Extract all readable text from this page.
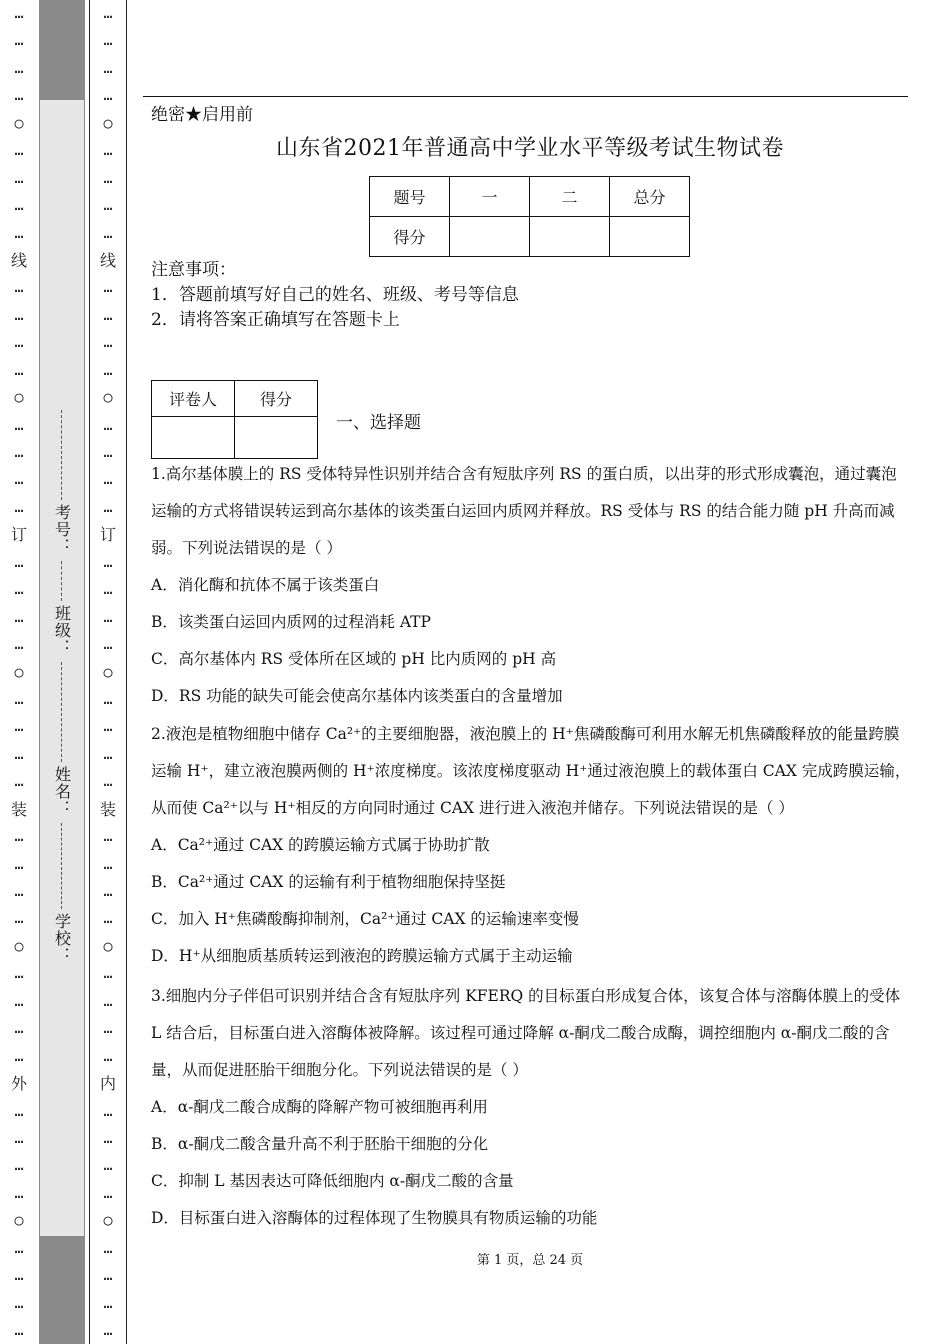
…
…
…
…
○
…
…
…
…
线
…
…
…
…
○
…
…
…
…
订
…
…
…
…
○
…
…
…
…
装
…
…
…
…
○
…
…
…
…
外
…
…
…
…
○
…
…
…
…
考号：
班级：
姓名：
学校：
…
…
…
…
○
…
…
…
…
线
…
…
…
…
○
…
…
…
…
订
…
…
…
…
○
…
…
…
…
装
…
…
…
…
○
…
…
…
…
内
…
…
…
…
○
…
…
…
…
绝密★启用前
山东省2021年普通高中学业水平等级考试生物试卷
题号	一	二	总分
得分			
注意事项：
1．答题前填写好自己的姓名、班级、考号等信息
2．请将答案正确填写在答题卡上
评卷人	得分

一、选择题

1.高尔基体膜上的 RS 受体特异性识别并结合含有短肽序列 RS 的蛋白质，以出芽的形式形成囊泡，通过囊泡运输的方式将错误转运到高尔基体的该类蛋白运回内质网并释放。RS 受体与 RS 的结合能力随 pH 升高而减弱。下列说法错误的是（ ）

A．消化酶和抗体不属于该类蛋白

B．该类蛋白运回内质网的过程消耗 ATP

C．高尔基体内 RS 受体所在区域的 pH 比内质网的 pH 高

D．RS 功能的缺失可能会使高尔基体内该类蛋白的含量增加

2.液泡是植物细胞中储存 Ca²⁺的主要细胞器，液泡膜上的 H⁺焦磷酸酶可利用水解无机焦磷酸释放的能量跨膜运输 H⁺，建立液泡膜两侧的 H⁺浓度梯度。该浓度梯度驱动 H⁺通过液泡膜上的载体蛋白 CAX 完成跨膜运输，从而使 Ca²⁺以与 H⁺相反的方向同时通过 CAX 进行进入液泡并储存。下列说法错误的是（ ）

A．Ca²⁺通过 CAX 的跨膜运输方式属于协助扩散

B．Ca²⁺通过 CAX 的运输有利于植物细胞保持坚挺

C．加入 H⁺焦磷酸酶抑制剂，Ca²⁺通过 CAX 的运输速率变慢

D．H⁺从细胞质基质转运到液泡的跨膜运输方式属于主动运输

3.细胞内分子伴侣可识别并结合含有短肽序列 KFERQ 的目标蛋白形成复合体，该复合体与溶酶体膜上的受体 L 结合后，目标蛋白进入溶酶体被降解。该过程可通过降解 α-酮戊二酸合成酶，调控细胞内 α-酮戊二酸的含量，从而促进胚胎干细胞分化。下列说法错误的是（ ）

A．α-酮戊二酸合成酶的降解产物可被细胞再利用

B．α-酮戊二酸含量升高不利于胚胎干细胞的分化

C．抑制 L 基因表达可降低细胞内 α-酮戊二酸的含量

D．目标蛋白进入溶酶体的过程体现了生物膜具有物质运输的功能

第 1 页，总 24 页
